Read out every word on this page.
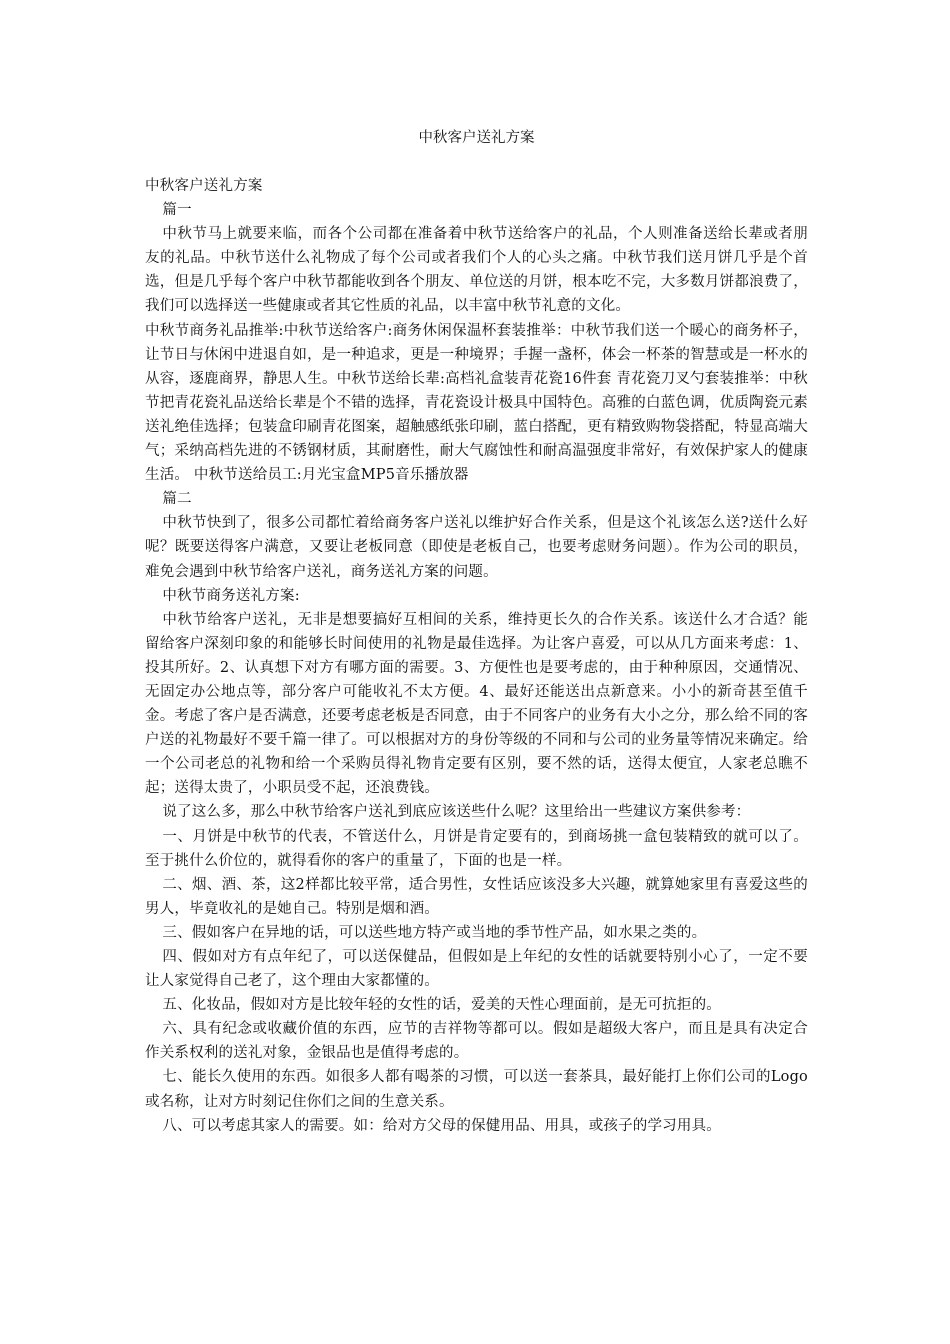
中秋客户送礼方案

中秋客户送礼方案

篇一

中秋节马上就要来临，而各个公司都在准备着中秋节送给客户的礼品，个人则准备送给长辈或者朋友的礼品。中秋节送什么礼物成了每个公司或者我们个人的心头之痛。中秋节我们送月饼几乎是个首选，但是几乎每个客户中秋节都能收到各个朋友、单位送的月饼，根本吃不完，大多数月饼都浪费了，我们可以选择送一些健康或者其它性质的礼品，以丰富中秋节礼意的文化。

中秋节商务礼品推举:中秋节送给客户:商务休闲保温杯套装推举：中秋节我们送一个暖心的商务杯子，让节日与休闲中进退自如，是一种追求，更是一种境界；手握一盏杯，体会一杯茶的智慧或是一杯水的从容，逐鹿商界，静思人生。中秋节送给长辈:高档礼盒装青花瓷16件套 青花瓷刀叉勺套装推举：中秋节把青花瓷礼品送给长辈是个不错的选择，青花瓷设计极具中国特色。高雅的白蓝色调，优质陶瓷元素送礼绝佳选择；包装盒印刷青花图案，超触感纸张印刷，蓝白搭配，更有精致购物袋搭配，特显高端大气；采纳高档先进的不锈钢材质，其耐磨性，耐大气腐蚀性和耐高温强度非常好，有效保护家人的健康生活。 中秋节送给员工:月光宝盒MP5音乐播放器

篇二

中秋节快到了，很多公司都忙着给商务客户送礼以维护好合作关系，但是这个礼该怎么送?送什么好呢？既要送得客户满意，又要让老板同意（即使是老板自己，也要考虑财务问题）。作为公司的职员，难免会遇到中秋节给客户送礼，商务送礼方案的问题。

中秋节商务送礼方案:

中秋节给客户送礼，无非是想要搞好互相间的关系，维持更长久的合作关系。该送什么才合适？能留给客户深刻印象的和能够长时间使用的礼物是最佳选择。为让客户喜爱，可以从几方面来考虑：1、投其所好。2、认真想下对方有哪方面的需要。3、方便性也是要考虑的，由于种种原因，交通情况、无固定办公地点等，部分客户可能收礼不太方便。4、最好还能送出点新意来。小小的新奇甚至值千金。考虑了客户是否满意，还要考虑老板是否同意，由于不同客户的业务有大小之分，那么给不同的客户送的礼物最好不要千篇一律了。可以根据对方的身份等级的不同和与公司的业务量等情况来确定。给 一个公司老总的礼物和给一个采购员得礼物肯定要有区别，要不然的话，送得太便宜，人家老总瞧不起；送得太贵了，小职员受不起，还浪费钱。

说了这么多，那么中秋节给客户送礼到底应该送些什么呢？这里给出一些建议方案供参考：

一、月饼是中秋节的代表，不管送什么，月饼是肯定要有的，到商场挑一盒包装精致的就可以了。至于挑什么价位的，就得看你的客户的重量了，下面的也是一样。

二、烟、酒、茶，这2样都比较平常，适合男性，女性话应该没多大兴趣，就算她家里有喜爱这些的男人，毕竟收礼的是她自己。特别是烟和酒。

三、假如客户在异地的话，可以送些地方特产或当地的季节性产品，如水果之类的。

四、假如对方有点年纪了，可以送保健品，但假如是上年纪的女性的话就要特别小心了，一定不要让人家觉得自己老了，这个理由大家都懂的。

五、化妆品，假如对方是比较年轻的女性的话，爱美的天性心理面前，是无可抗拒的。

六、具有纪念或收藏价值的东西，应节的吉祥物等都可以。假如是超级大客户，而且是具有决定合作关系权利的送礼对象，金银品也是值得考虑的。

七、能长久使用的东西。如很多人都有喝茶的习惯，可以送一套茶具，最好能打上你们公司的Logo或名称，让对方时刻记住你们之间的生意关系。

八、可以考虑其家人的需要。如：给对方父母的保健用品、用具，或孩子的学习用具。
